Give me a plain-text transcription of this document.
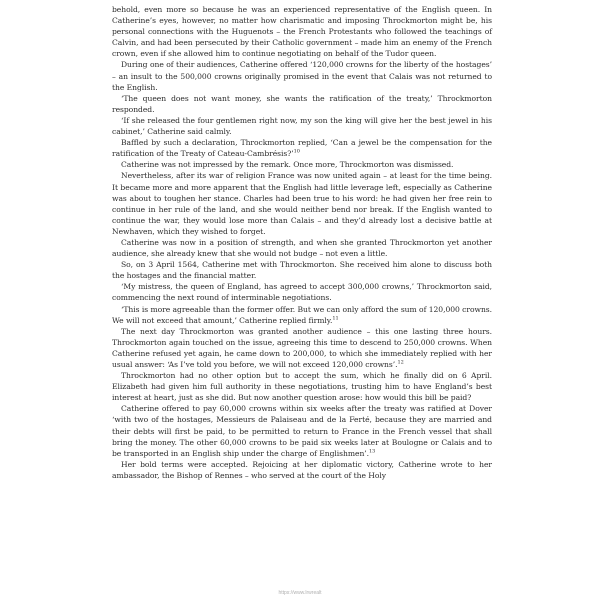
behold, even more so because he was an experienced representative of the English queen. In Catherine’s eyes, however, no matter how charismatic and imposing Throckmorton might be, his personal connections with the Huguenots – the French Protestants who followed the teachings of Calvin, and had been persecuted by their Catholic government – made him an enemy of the French crown, even if she allowed him to continue negotiating on behalf of the Tudor queen.

During one of their audiences, Catherine offered ‘120,000 crowns for the liberty of the hostages’ – an insult to the 500,000 crowns originally promised in the event that Calais was not returned to the English.

‘The queen does not want money, she wants the ratification of the treaty,’ Throckmorton responded.

‘If she released the four gentlemen right now, my son the king will give her the best jewel in his cabinet,’ Catherine said calmly.

Baffled by such a declaration, Throckmorton replied, ‘Can a jewel be the compensation for the ratification of the Treaty of Cateau-Cambrésis?’$^{10}$

Catherine was not impressed by the remark. Once more, Throckmorton was dismissed.

Nevertheless, after its war of religion France was now united again – at least for the time being. It became more and more apparent that the English had little leverage left, especially as Catherine was about to toughen her stance. Charles had been true to his word: he had given her free rein to continue in her rule of the land, and she would neither bend nor break. If the English wanted to continue the war, they would lose more than Calais – and they’d already lost a decisive battle at Newhaven, which they wished to forget.

Catherine was now in a position of strength, and when she granted Throckmorton yet another audience, she already knew that she would not budge – not even a little.

So, on 3 April 1564, Catherine met with Throckmorton. She received him alone to discuss both the hostages and the financial matter.

‘My mistress, the queen of England, has agreed to accept 300,000 crowns,’ Throckmorton said, commencing the next round of interminable negotiations.

‘This is more agreeable than the former offer. But we can only afford the sum of 120,000 crowns. We will not exceed that amount,’ Catherine replied firmly.$^{11}$

The next day Throckmorton was granted another audience – this one lasting three hours. Throckmorton again touched on the issue, agreeing this time to descend to 250,000 crowns. When Catherine refused yet again, he came down to 200,000, to which she immediately replied with her usual answer: ‘As I’ve told you before, we will not exceed 120,000 crowns’.$^{12}$

Throckmorton had no other option but to accept the sum, which he finally did on 6 April. Elizabeth had given him full authority in these negotiations, trusting him to have England’s best interest at heart, just as she did. But now another question arose: how would this bill be paid?

Catherine offered to pay 60,000 crowns within six weeks after the treaty was ratified at Dover ‘with two of the hostages, Messieurs de Palaiseau and de la Ferté, because they are married and their debts will first be paid, to be permitted to return to France in the French vessel that shall bring the money. The other 60,000 crowns to be paid six weeks later at Boulogne or Calais and to be transported in an English ship under the charge of Englishmen’.$^{13}$

Her bold terms were accepted. Rejoicing at her diplomatic victory, Catherine wrote to her ambassador, the Bishop of Rennes – who served at the court of the Holy

https://www.lrwrealt
